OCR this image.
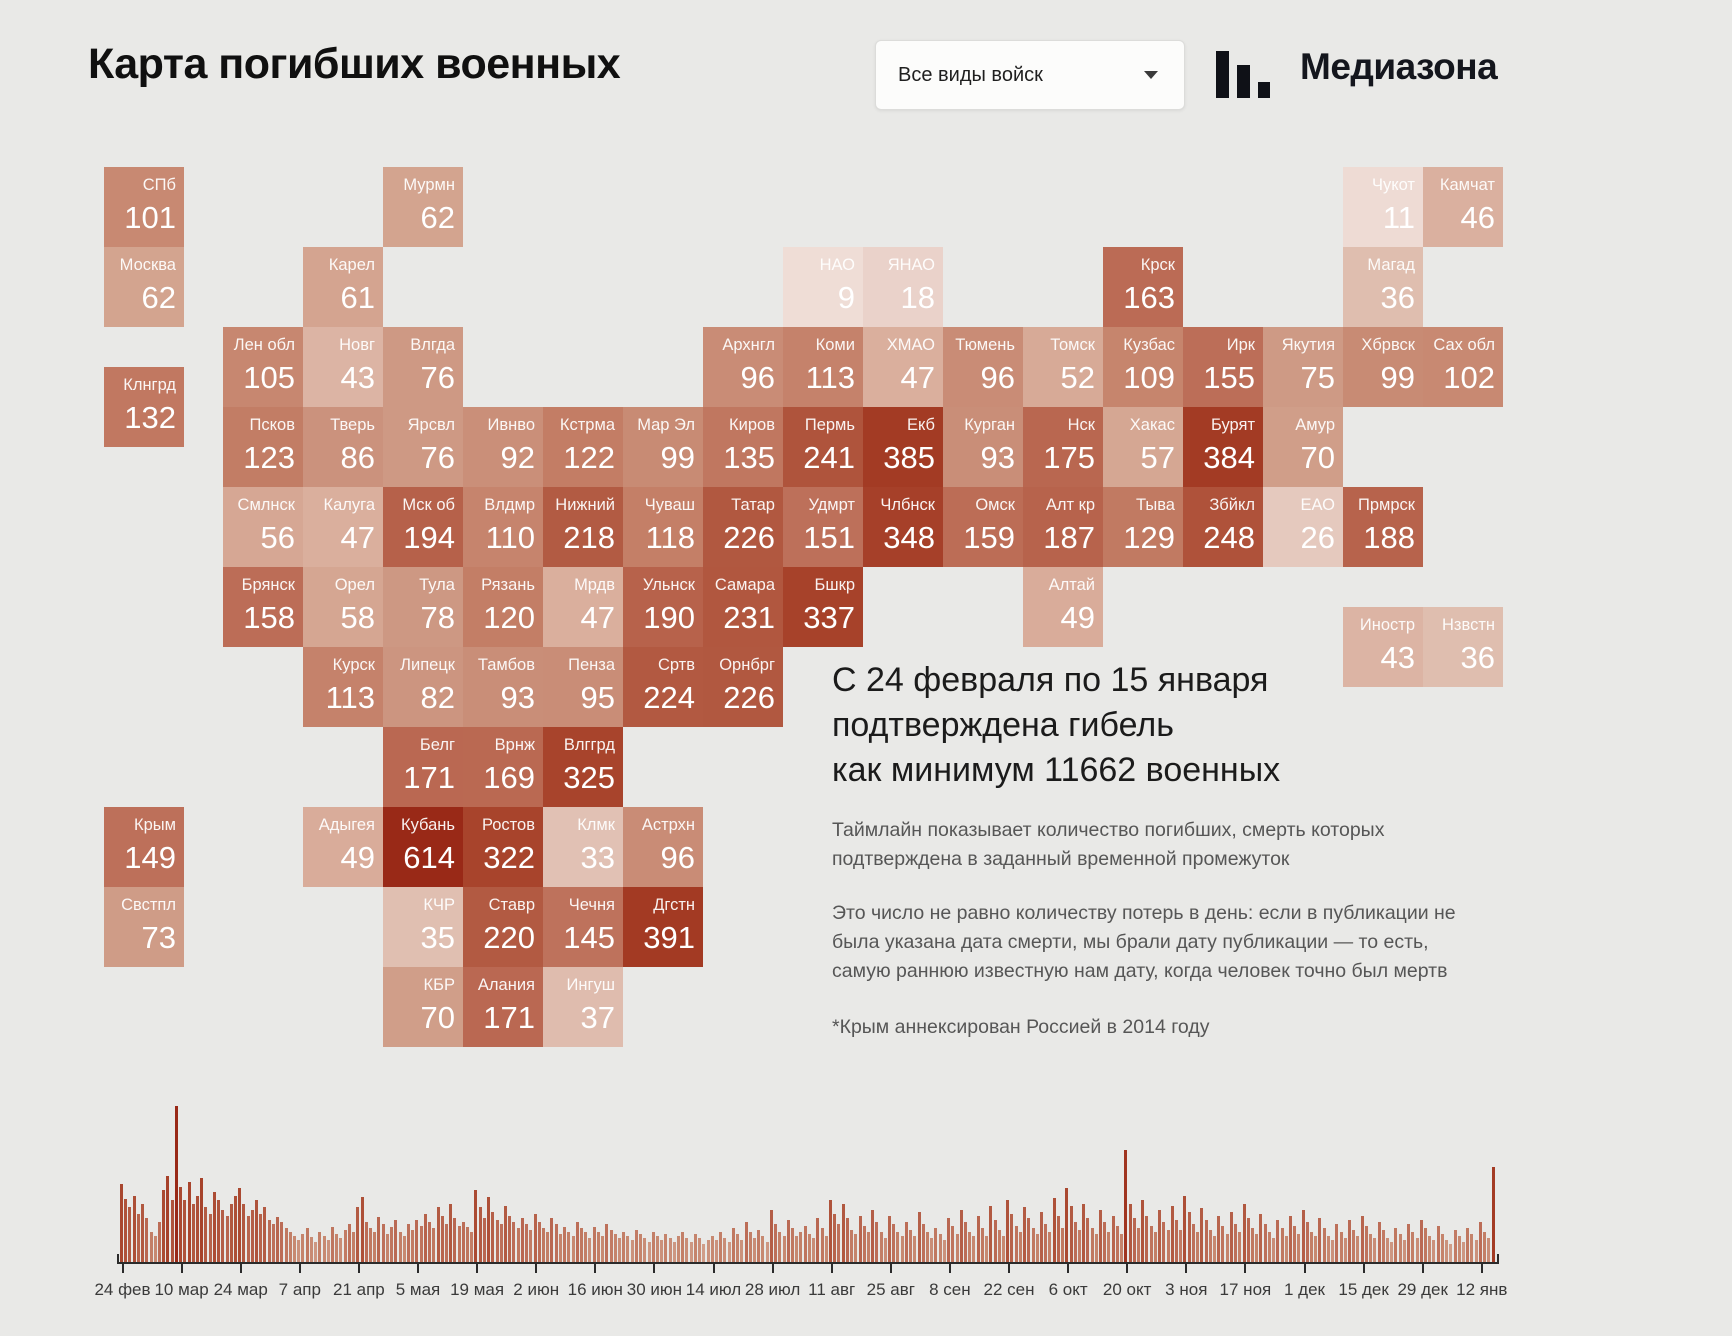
Карта погибших военных	Все виды войск	Медиазона
СПб
101
Москва
62
Клнгрд
132
Крым
149
Свстпл
73
Мурмн
62
Чукот
11
Камчат
46
Карел
61
НАО
9
ЯНАО
18
Крск
163
Магад
36
Лен обл
105
Новг
43
Влгда
76
Архнгл
96
Коми
113
ХМАО
47
Тюмень
96
Томск
52
Кузбас
109
Ирк
155
Якутия
75
Хбрвск
99
Сах обл
102
Псков
123
Тверь
86
Ярсвл
76
Ивнво
92
Кстрма
122
Мар Эл
99
Киров
135
Пермь
241
Екб
385
Курган
93
Нск
175
Хакас
57
Бурят
384
Амур
70
Смлнск
56
Калуга
47
Мск об
194
Влдмр
110
Нижний
218
Чуваш
118
Татар
226
Удмрт
151
Члбнск
348
Омск
159
Алт кр
187
Тыва
129
Збйкл
248
ЕАО
26
Прмрск
188
Брянск
158
Орел
58
Тула
78
Рязань
120
Мрдв
47
Ульнск
190
Самара
231
Бшкр
337
Алтай
49	Иностр
43
Нзвстн
36
Курск
113
Липецк
82
Тамбов
93
Пенза
95
Сртв
224
Орнбрг
226
Белг
171
Врнж
169
Влггрд
325
Адыгея
49
Кубань
614
Ростов
322
Клмк
33
Астрхн
96
КЧР
35
Ставр
220
Чечня
145
Дгстн
391
КБР
70
Алания
171
Ингуш
37
С 24 февраля по 15 января
подтверждена гибель
как минимум 11662 военных

Таймлайн показывает количество погибших, смерть которых подтверждена в заданный временной промежуток

Это число не равно количеству потерь в день: если в публикации не была указана дата смерти, мы брали дату публикации — то есть, самую раннюю известную нам дату, когда человек точно был мертв

*Крым аннексирован Россией в 2014 году

24 фев 10 мар 24 мар 7 апр 21 апр 5 мая 19 мая 2 июн 16 июн 30 июн 14 июл 28 июл 11 авг 25 авг 8 сен 22 сен 6 окт 20 окт 3 ноя 17 ноя 1 дек 15 дек 29 дек 12 янв
